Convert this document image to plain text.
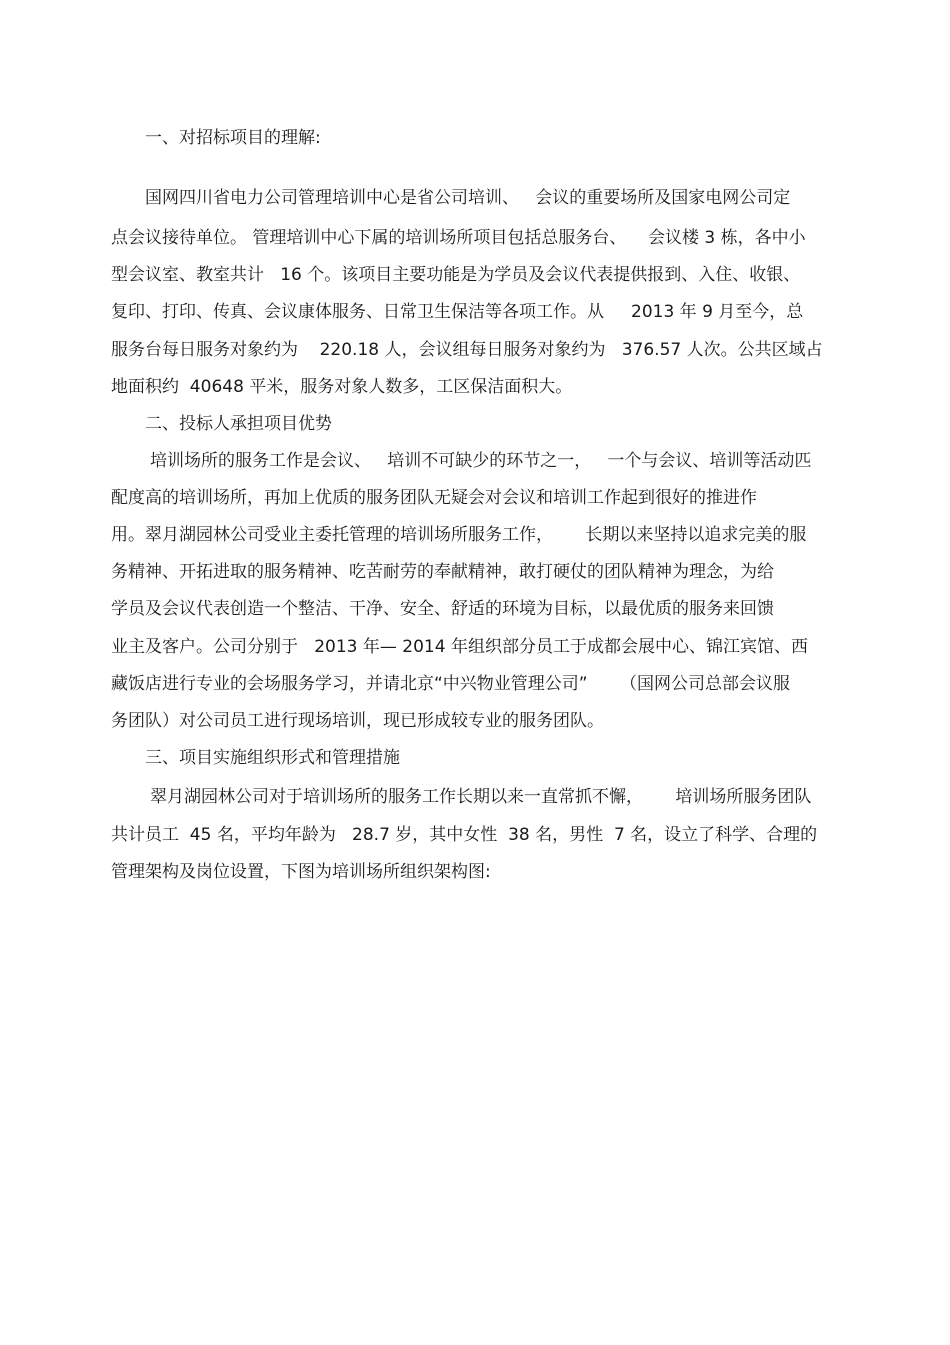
一、对招标项目的理解:
国网四川省电力公司管理培训中心是省公司培训、   会议的重要场所及国家电网公司定
点会议接待单位。 管理培训中心下属的培训场所项目包括总服务台、    会议楼 3 栋，各中小
型会议室、教室共计   16 个。该项目主要功能是为学员及会议代表提供报到、入住、收银、
复印、打印、传真、会议康体服务、日常卫生保洁等各项工作。从     2013 年 9 月至今，总
服务台每日服务对象约为    220.18 人，会议组每日服务对象约为   376.57 人次。公共区域占
地面积约  40648 平米，服务对象人数多，工区保洁面积大。
二、投标人承担项目优势
培训场所的服务工作是会议、   培训不可缺少的环节之一，   一个与会议、培训等活动匹
配度高的培训场所，再加上优质的服务团队无疑会对会议和培训工作起到很好的推进作
用。翠月湖园林公司受业主委托管理的培训场所服务工作，      长期以来坚持以追求完美的服
务精神、开拓进取的服务精神、吃苦耐劳的奉献精神，敢打硬仗的团队精神为理念，为给
学员及会议代表创造一个整洁、干净、安全、舒适的环境为目标，以最优质的服务来回馈
业主及客户。公司分别于   2013 年— 2014 年组织部分员工于成都会展中心、锦江宾馆、西
藏饭店进行专业的会场服务学习，并请北京“中兴物业管理公司”      （国网公司总部会议服
务团队）对公司员工进行现场培训，现已形成较专业的服务团队。
三、项目实施组织形式和管理措施
翠月湖园林公司对于培训场所的服务工作长期以来一直常抓不懈，      培训场所服务团队
共计员工  45 名，平均年龄为   28.7 岁，其中女性  38 名，男性  7 名，设立了科学、合理的
管理架构及岗位设置，下图为培训场所组织架构图:
